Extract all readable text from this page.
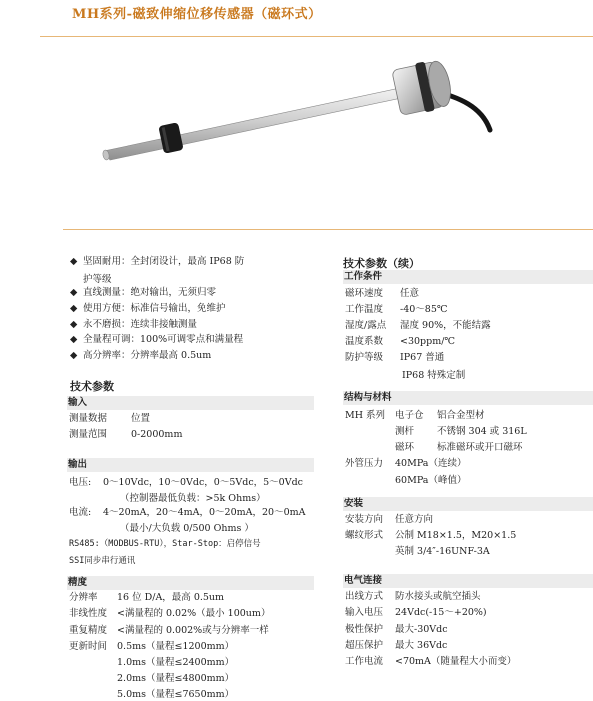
MH系列-磁致伸缩位移传感器（磁环式）
◆ 坚固耐用：全封闭设计，最高 IP68 防
护等级
◆ 直线测量：绝对输出，无须归零
◆ 使用方便：标准信号输出，免维护
◆ 永不磨损：连续非接触测量
◆ 全量程可调：100%可调零点和满量程
◆ 高分辨率：分辨率最高 0.5um
技术参数
输入
测量数据	位置
测量范围	0-2000mm
输出
电压: 0～10Vdc，10～0Vdc，0～5Vdc，5～0Vdc
（控制器最低负载：>5k Ohms）
电流: 4～20mA，20～4mA，0～20mA，20～0mA
（最小/大负载 0/500 Ohms ）
RS485:（MODBUS-RTU），Star-Stop：启停信号
SSI同步串行通讯
精度
分辨率 16 位 D/A，最高 0.5um
非线性度 <满量程的 0.02%（最小 100um）
重复精度 <满量程的 0.002%或与分辨率一样
更新时间 0.5ms（量程≤1200mm）
1.0ms（量程≤2400mm）
2.0ms（量程≤4800mm）
5.0ms（量程≤7650mm）
技术参数（续）
工作条件
磁环速度 任意
工作温度 -40～85℃
湿度/露点 湿度 90%，不能结露
温度系数 <30ppm/℃
防护等级 IP67 普通
IP68 特殊定制
结构与材料
MH 系列 电子仓 铝合金型材
测杆 不锈钢 304 或 316L
磁环 标准磁环或开口磁环
外管压力 40MPa（连续）
60MPa（峰值）
安装
安装方向 任意方向
螺纹形式 公制 M18×1.5，M20×1.5
英制 3/4″-16UNF-3A
电气连接
出线方式 防水接头或航空插头
输入电压 24Vdc(-15～+20%)
极性保护 最大-30Vdc
超压保护 最大 36Vdc
工作电流 <70mA（随量程大小而变）
